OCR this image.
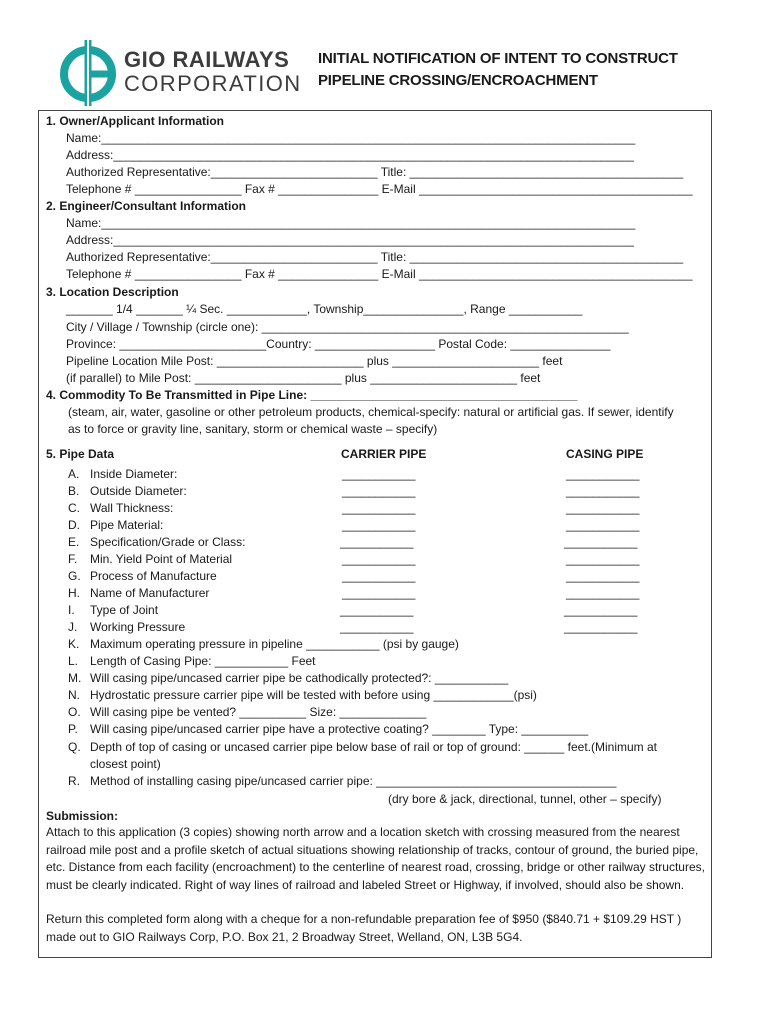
GIO RAILWAYS
CORPORATION
INITIAL NOTIFICATION OF INTENT TO CONSTRUCT
PIPELINE CROSSING/ENCROACHMENT
1. Owner/Applicant Information
Name:________________________________________________________________________________
Address:______________________________________________________________________________
Authorized Representative:_________________________ Title: _________________________________________
Telephone # ________________ Fax # _______________ E-Mail _________________________________________
2. Engineer/Consultant Information
Name:________________________________________________________________________________
Address:______________________________________________________________________________
Authorized Representative:_________________________ Title: _________________________________________
Telephone # ________________ Fax # _______________ E-Mail _________________________________________
3. Location Description
_______ 1/4 _______ ¼ Sec. ____________, Township_______________, Range ___________
City / Village / Township (circle one): _______________________________________________________
Province: ______________________Country: __________________ Postal Code: _______________
Pipeline Location Mile Post: ______________________ plus ______________________ feet
(if parallel) to Mile Post: ______________________ plus ______________________ feet
4. Commodity To Be Transmitted in Pipe Line: ________________________________________
(steam, air, water, gasoline or other petroleum products, chemical-specify: natural or artificial gas. If sewer, identify
as to force or gravity line, sanitary, storm or chemical waste – specify)
5. Pipe Data	CARRIER PIPE	CASING PIPE
A. Inside Diameter:	___________	___________
B. Outside Diameter:	___________	___________
C. Wall Thickness:	___________	___________
D. Pipe Material:	___________	___________
E. Specification/Grade or Class:	___________	___________
F. Min. Yield Point of Material	___________	___________
G. Process of Manufacture	___________	___________
H. Name of Manufacturer	___________	___________
I. Type of Joint	___________	___________
J. Working Pressure	___________	___________
K. Maximum operating pressure in pipeline ___________ (psi by gauge)
L. Length of Casing Pipe: ___________ Feet
M. Will casing pipe/uncased carrier pipe be cathodically protected?: ___________
N. Hydrostatic pressure carrier pipe will be tested with before using ____________(psi)
O. Will casing pipe be vented? __________ Size: _____________
P. Will casing pipe/uncased carrier pipe have a protective coating? ________ Type: __________
Q. Depth of top of casing or uncased carrier pipe below base of rail or top of ground: ______ feet.(Minimum at
closest point)
R. Method of installing casing pipe/uncased carrier pipe: ____________________________________
(dry bore & jack, directional, tunnel, other – specify)
Submission:
Attach to this application (3 copies) showing north arrow and a location sketch with crossing measured from the nearest railroad mile post and a profile sketch of actual situations showing relationship of tracks, contour of ground, the buried pipe, etc. Distance from each facility (encroachment) to the centerline of nearest road, crossing, bridge or other railway structures, must be clearly indicated. Right of way lines of railroad and labeled Street or Highway, if involved, should also be shown.
Return this completed form along with a cheque for a non-refundable preparation fee of $950 ($840.71 + $109.29 HST ) made out to GIO Railways Corp, P.O. Box 21, 2 Broadway Street, Welland, ON, L3B 5G4.
